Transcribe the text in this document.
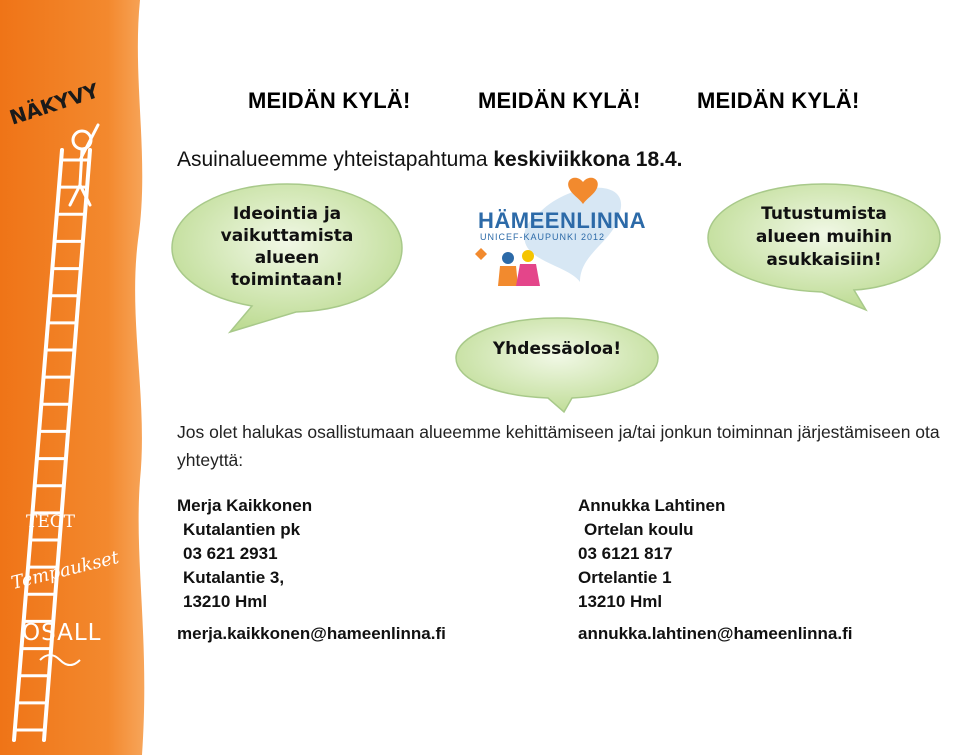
NÄKYVY
TEOT
Tempaukset
OSALL
MEIDÄN KYLÄ!	MEIDÄN KYLÄ!	MEIDÄN KYLÄ!
Asuinalueemme yhteistapahtuma keskiviikkona 18.4.
Ideointia ja
vaikuttamista
alueen
toimintaan!
HÄMEENLINNA
UNICEF-KAUPUNKI 2012
Tutustumista
alueen muihin
asukkaisiin!
Yhdessäoloa!
Jos olet halukas osallistumaan alueemme kehittämiseen ja/tai jonkun toiminnan järjestämiseen ota yhteyttä:
Merja Kaikkonen
Kutalantien pk
03 621 2931
Kutalantie 3,
13210 Hml
merja.kaikkonen@hameenlinna.fi
Annukka Lahtinen
Ortelan koulu
03 6121 817
Ortelantie 1
13210 Hml
annukka.lahtinen@hameenlinna.fi
